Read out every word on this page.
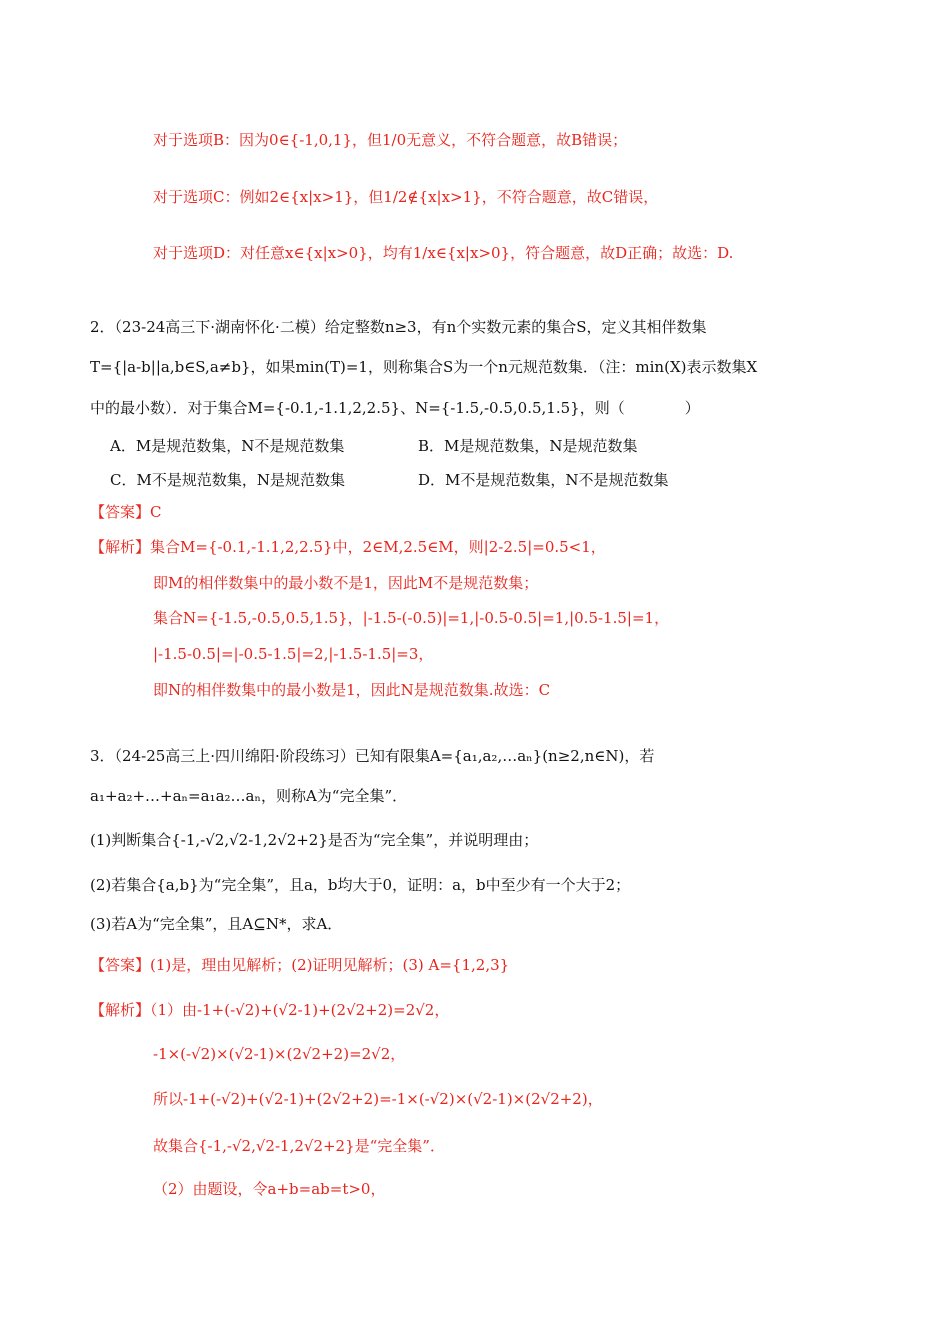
对于选项B：因为0∈{-1,0,1}，但1/0无意义，不符合题意，故B错误；
对于选项C：例如2∈{x|x>1}，但1/2∉{x|x>1}，不符合题意，故C错误，
对于选项D：对任意x∈{x|x>0}，均有1/x∈{x|x>0}，符合题意，故D正确；故选：D.
2．（23-24高三下·湖南怀化·二模）给定整数n≥3，有n个实数元素的集合S，定义其相伴数集
T={|a-b||a,b∈S,a≠b}，如果min(T)=1，则称集合S为一个n元规范数集．（注：min(X)表示数集X
中的最小数）．对于集合M={-0.1,-1.1,2,2.5}、N={-1.5,-0.5,0.5,1.5}，则（　　　　）
A．M是规范数集，N不是规范数集	B．M是规范数集，N是规范数集
C．M不是规范数集，N是规范数集	D．M不是规范数集，N不是规范数集
【答案】C
【解析】集合M={-0.1,-1.1,2,2.5}中，2∈M,2.5∈M，则|2-2.5|=0.5<1，
即M的相伴数集中的最小数不是1，因此M不是规范数集；
集合N={-1.5,-0.5,0.5,1.5}，|-1.5-(-0.5)|=1,|-0.5-0.5|=1,|0.5-1.5|=1，
|-1.5-0.5|=|-0.5-1.5|=2,|-1.5-1.5|=3，
即N的相伴数集中的最小数是1，因此N是规范数集.故选：C
3．（24-25高三上·四川绵阳·阶段练习）已知有限集A={a₁,a₂,…aₙ}(n≥2,n∈N)，若
a₁+a₂+…+aₙ=a₁a₂…aₙ，则称A为“完全集”．
(1)判断集合{-1,-√2,√2-1,2√2+2}是否为“完全集”，并说明理由；
(2)若集合{a,b}为“完全集”，且a，b均大于0，证明：a，b中至少有一个大于2；
(3)若A为“完全集”，且A⊆N*，求A．
【答案】(1)是，理由见解析；(2)证明见解析；(3) A={1,2,3}
【解析】（1）由-1+(-√2)+(√2-1)+(2√2+2)=2√2，
-1×(-√2)×(√2-1)×(2√2+2)=2√2，
所以-1+(-√2)+(√2-1)+(2√2+2)=-1×(-√2)×(√2-1)×(2√2+2)，
故集合{-1,-√2,√2-1,2√2+2}是“完全集”．
（2）由题设，令a+b=ab=t>0，
